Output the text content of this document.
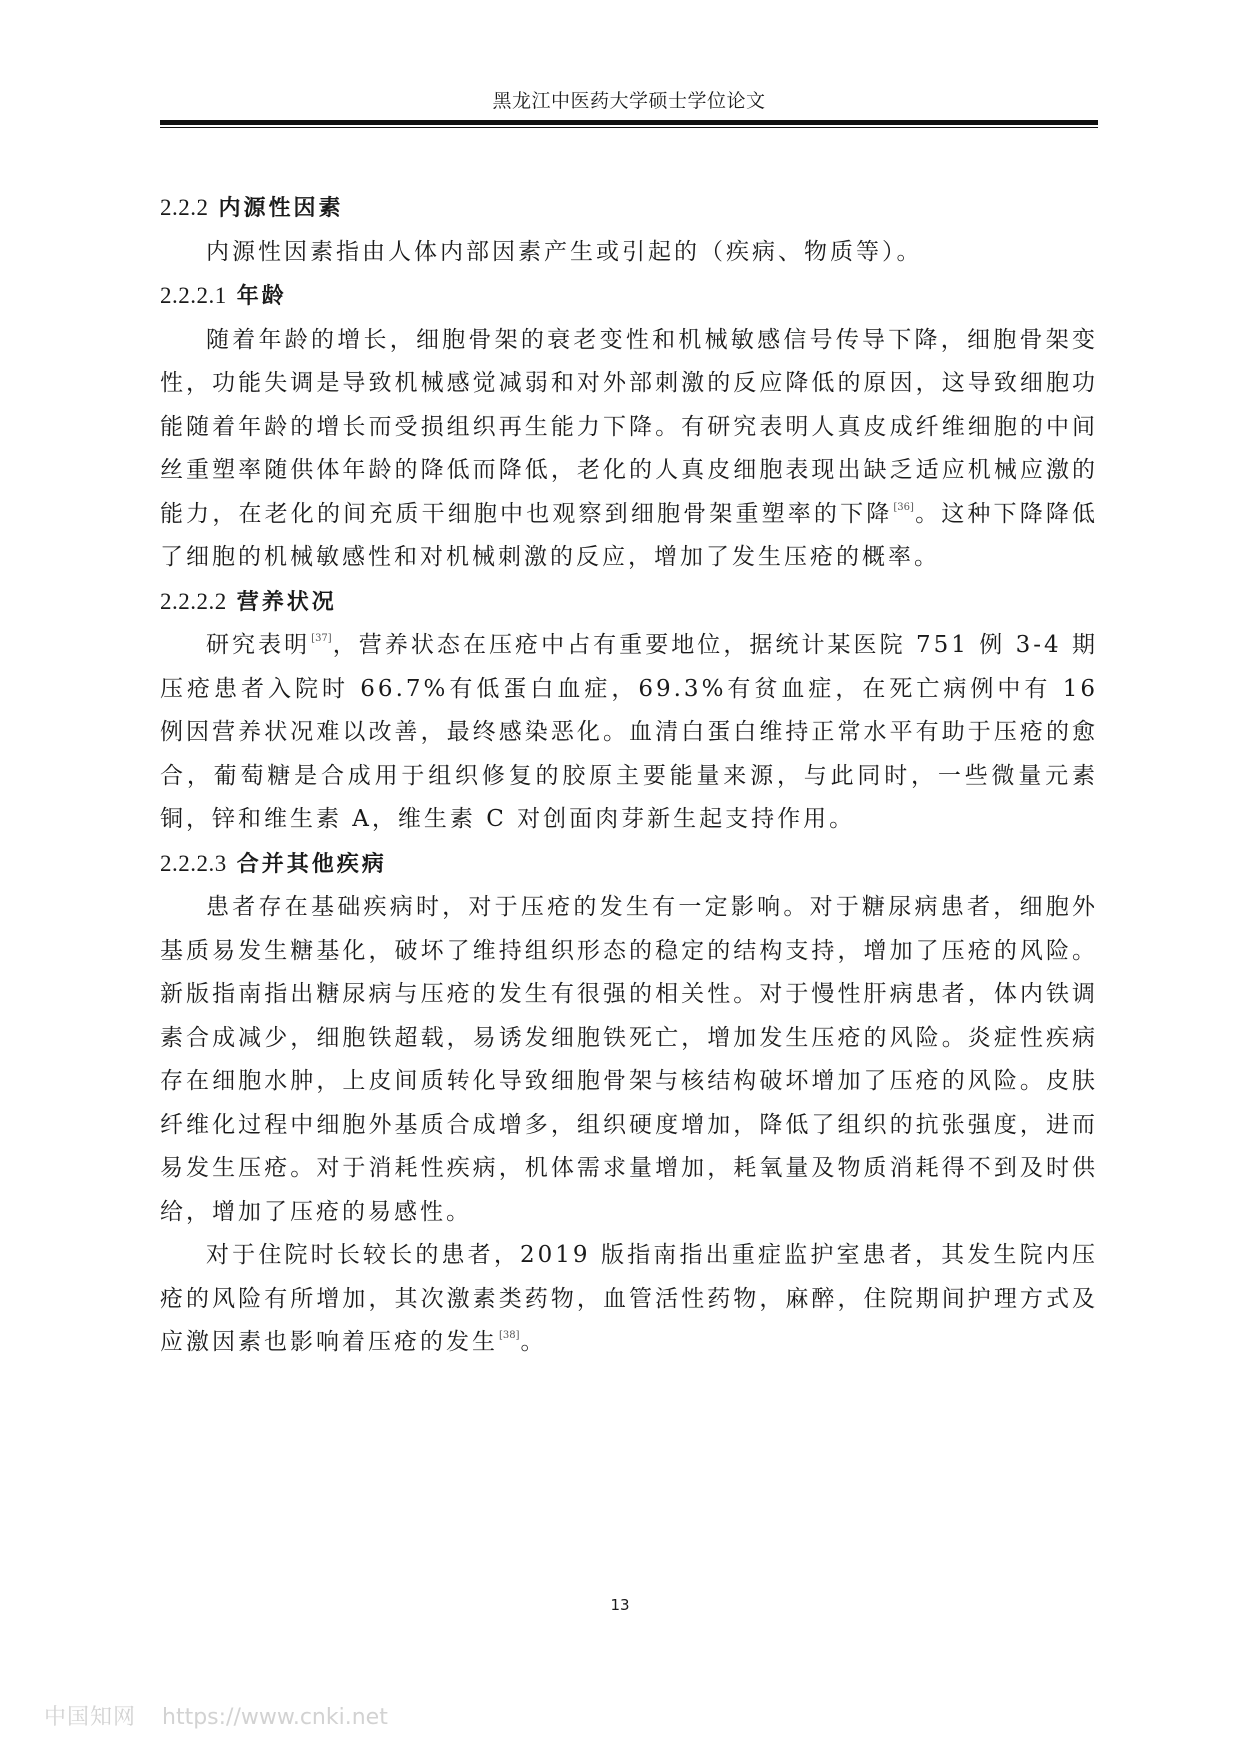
黑龙江中医药大学硕士学位论文
2.2.2 内源性因素

内源性因素指由人体内部因素产生或引起的（疾病、物质等）。

2.2.2.1 年龄

随着年龄的增长，细胞骨架的衰老变性和机械敏感信号传导下降，细胞骨架变性，功能失调是导致机械感觉减弱和对外部刺激的反应降低的原因，这导致细胞功能随着年龄的增长而受损组织再生能力下降。有研究表明人真皮成纤维细胞的中间丝重塑率随供体年龄的降低而降低，老化的人真皮细胞表现出缺乏适应机械应激的能力，在老化的间充质干细胞中也观察到细胞骨架重塑率的下降[36]。这种下降降低了细胞的机械敏感性和对机械刺激的反应，增加了发生压疮的概率。

2.2.2.2 营养状况

研究表明[37]，营养状态在压疮中占有重要地位，据统计某医院 751 例 3-4 期压疮患者入院时 66.7%有低蛋白血症，69.3%有贫血症，在死亡病例中有 16 例因营养状况难以改善，最终感染恶化。血清白蛋白维持正常水平有助于压疮的愈合，葡萄糖是合成用于组织修复的胶原主要能量来源，与此同时，一些微量元素铜，锌和维生素 A，维生素 C 对创面肉芽新生起支持作用。

2.2.2.3 合并其他疾病

患者存在基础疾病时，对于压疮的发生有一定影响。对于糖尿病患者，细胞外基质易发生糖基化，破坏了维持组织形态的稳定的结构支持，增加了压疮的风险。新版指南指出糖尿病与压疮的发生有很强的相关性。对于慢性肝病患者，体内铁调素合成减少，细胞铁超载，易诱发细胞铁死亡，增加发生压疮的风险。炎症性疾病存在细胞水肿，上皮间质转化导致细胞骨架与核结构破坏增加了压疮的风险。皮肤纤维化过程中细胞外基质合成增多，组织硬度增加，降低了组织的抗张强度，进而易发生压疮。对于消耗性疾病，机体需求量增加，耗氧量及物质消耗得不到及时供给，增加了压疮的易感性。

对于住院时长较长的患者，2019 版指南指出重症监护室患者，其发生院内压疮的风险有所增加，其次激素类药物，血管活性药物，麻醉，住院期间护理方式及应激因素也影响着压疮的发生[38]。

13
中国知网 https://www.cnki.net
